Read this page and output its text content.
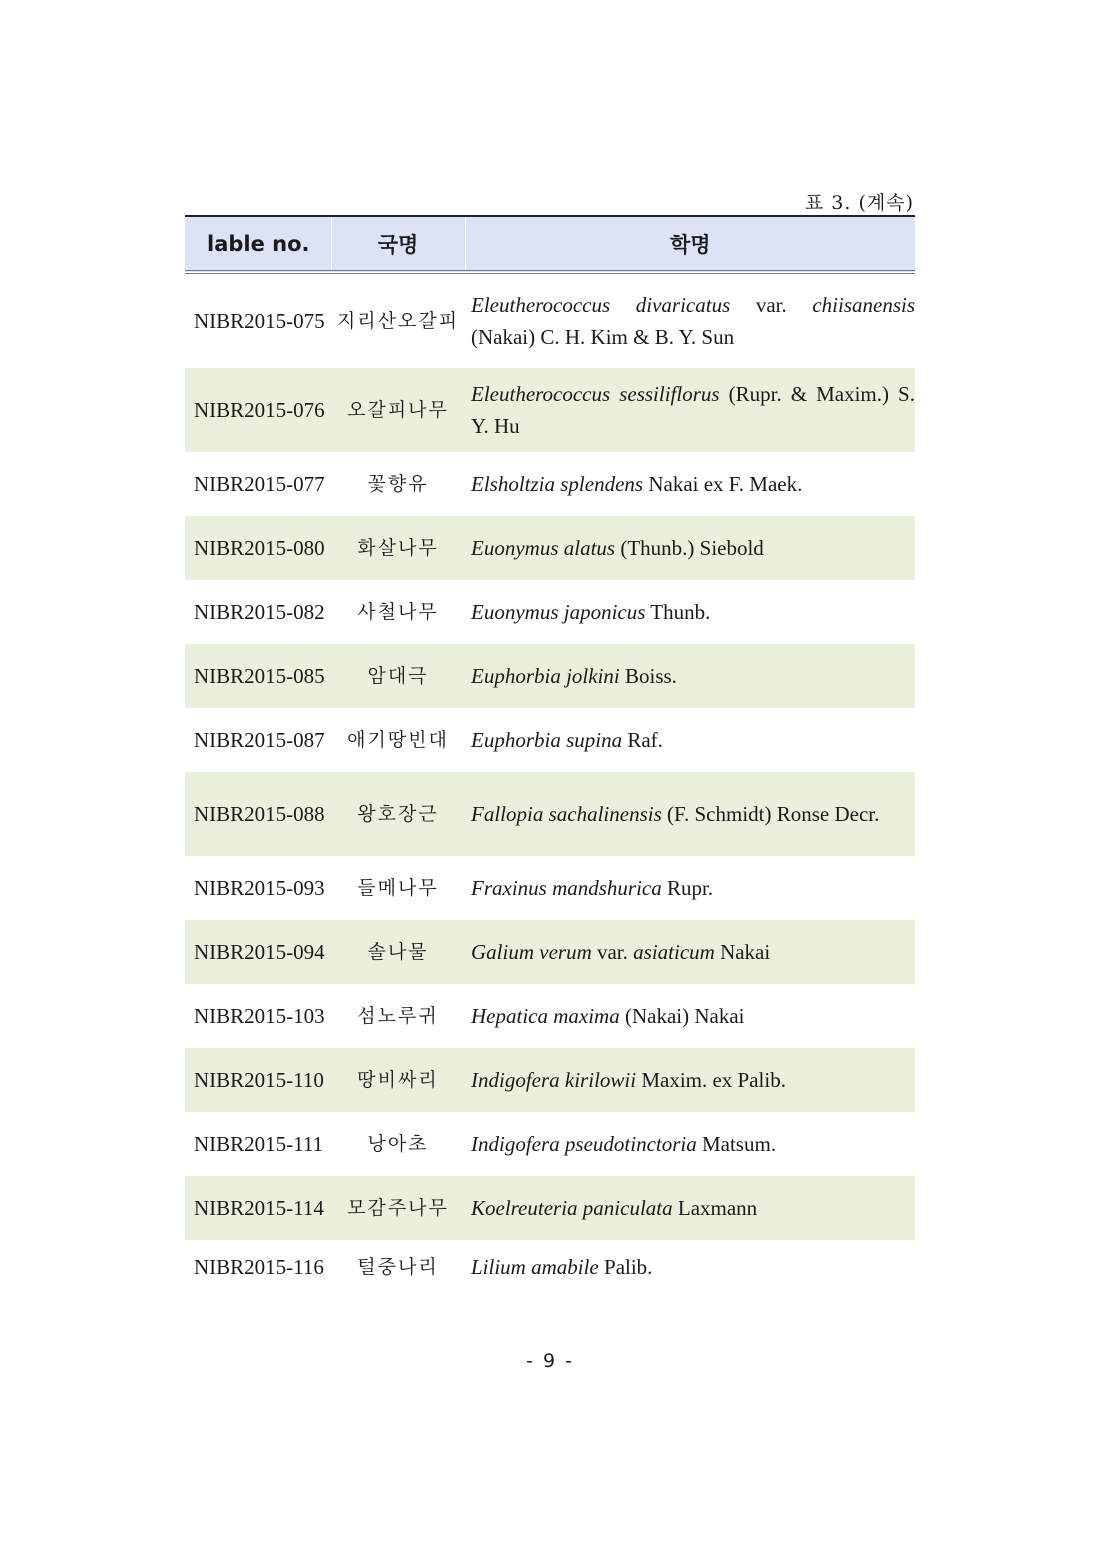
표 3. (계속)
lable no.	국명	학명
NIBR2015-075	지리산오갈피	Eleutherococcus divaricatus var. chiisanensis (Nakai) C. H. Kim & B. Y. Sun
NIBR2015-076	오갈피나무	Eleutherococcus sessiliflorus (Rupr. & Maxim.) S. Y. Hu
NIBR2015-077	꽃향유	Elsholtzia splendens Nakai ex F. Maek.
NIBR2015-080	화살나무	Euonymus alatus (Thunb.) Siebold
NIBR2015-082	사철나무	Euonymus japonicus Thunb.
NIBR2015-085	암대극	Euphorbia jolkini Boiss.
NIBR2015-087	애기땅빈대	Euphorbia supina Raf.
NIBR2015-088	왕호장근	Fallopia sachalinensis (F. Schmidt) Ronse Decr.
NIBR2015-093	들메나무	Fraxinus mandshurica Rupr.
NIBR2015-094	솔나물	Galium verum var. asiaticum Nakai
NIBR2015-103	섬노루귀	Hepatica maxima (Nakai) Nakai
NIBR2015-110	땅비싸리	Indigofera kirilowii Maxim. ex Palib.
NIBR2015-111	낭아초	Indigofera pseudotinctoria Matsum.
NIBR2015-114	모감주나무	Koelreuteria paniculata Laxmann
NIBR2015-116	털중나리	Lilium amabile Palib.
- 9 -
